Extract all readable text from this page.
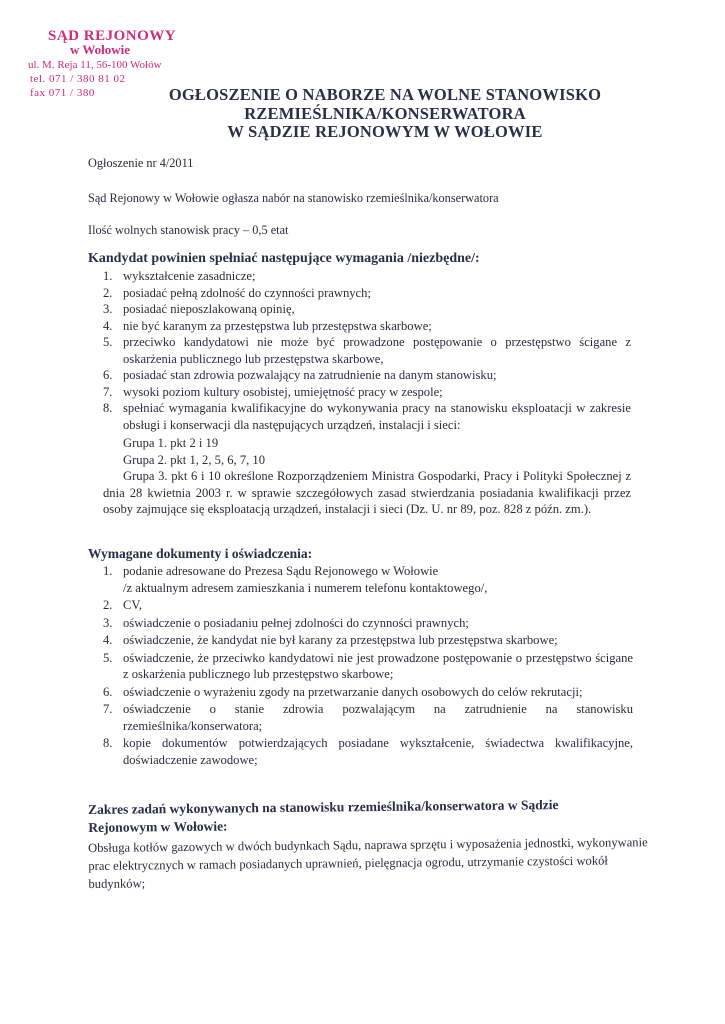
SĄD REJONOWY
w Wołowie
ul. M. Reja 11, 56-100 Wołów
tel. 071 / 380 81 02
fax 071 / 380	OGŁOSZENIE O NABORZE NA WOLNE STANOWISKO
RZEMIEŚLNIKA/KONSERWATORA
W SĄDZIE REJONOWYM W WOŁOWIE
Ogłoszenie nr 4/2011
Sąd Rejonowy w Wołowie ogłasza nabór na stanowisko rzemieślnika/konserwatora
Ilość wolnych stanowisk pracy – 0,5 etat
Kandydat powinien spełniać następujące wymagania /niezbędne/:
1. wykształcenie zasadnicze;
2. posiadać pełną zdolność do czynności prawnych;
3. posiadać nieposzlakowaną opinię,
4. nie być karanym za przestępstwa lub przestępstwa skarbowe;
5. przeciwko kandydatowi nie może być prowadzone postępowanie o przestępstwo ścigane z oskarżenia publicznego lub przestępstwa skarbowe,
6. posiadać stan zdrowia pozwalający na zatrudnienie na danym stanowisku;
7. wysoki poziom kultury osobistej, umiejętność pracy w zespole;
8. spełniać wymagania kwalifikacyjne do wykonywania pracy na stanowisku eksploatacji w zakresie obsługi i konserwacji dla następujących urządzeń, instalacji i sieci:
Grupa 1. pkt 2 i 19
Grupa 2. pkt 1, 2, 5, 6, 7, 10
Grupa 3. pkt 6 i 10 określone Rozporządzeniem Ministra Gospodarki, Pracy i Polityki Społecznej z dnia 28 kwietnia 2003 r. w sprawie szczegółowych zasad stwierdzania posiadania kwalifikacji przez osoby zajmujące się eksploatacją urządzeń, instalacji i sieci (Dz. U. nr 89, poz. 828 z późn. zm.).
Wymagane dokumenty i oświadczenia:
1. podanie adresowane do Prezesa Sądu Rejonowego w Wołowie
/z aktualnym adresem zamieszkania i numerem telefonu kontaktowego/,
2. CV,
3. oświadczenie o posiadaniu pełnej zdolności do czynności prawnych;
4. oświadczenie, że kandydat nie był karany za przestępstwa lub przestępstwa skarbowe;
5. oświadczenie, że przeciwko kandydatowi nie jest prowadzone postępowanie o przestępstwo ścigane z oskarżenia publicznego lub przestępstwo skarbowe;
6. oświadczenie o wyrażeniu zgody na przetwarzanie danych osobowych do celów rekrutacji;
7. oświadczenie o stanie zdrowia pozwalającym na zatrudnienie na stanowisku rzemieślnika/konserwatora;
8. kopie dokumentów potwierdzających posiadane wykształcenie, świadectwa kwalifikacyjne, doświadczenie zawodowe;
Zakres zadań wykonywanych na stanowisku rzemieślnika/konserwatora w Sądzie Rejonowym w Wołowie:
Obsługa kotłów gazowych w dwóch budynkach Sądu, naprawa sprzętu i wyposażenia jednostki, wykonywanie prac elektrycznych w ramach posiadanych uprawnień, pielęgnacja ogrodu, utrzymanie czystości wokół budynków;
